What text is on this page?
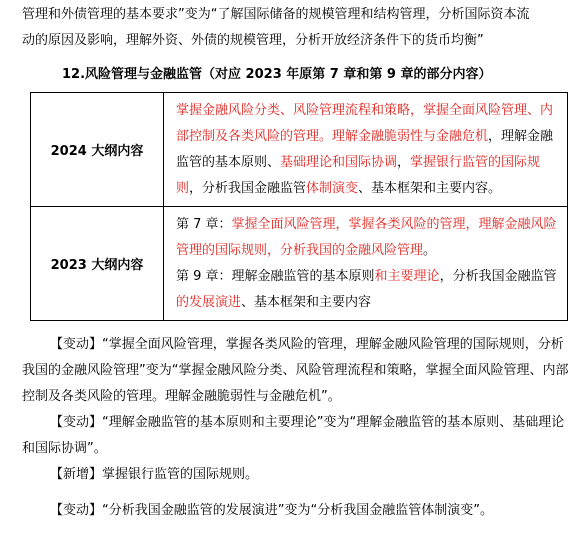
管理和外债管理的基本要求”变为“了解国际储备的规模管理和结构管理，分析国际资本流
动的原因及影响，理解外资、外债的规模管理，分析开放经济条件下的货币均衡”

12.风险管理与金融监管（对应 2023 年原第 7 章和第 9 章的部分内容）
2024 大纲内容	掌握金融风险分类、风险管理流程和策略，掌握全面风险管理、内部控制及各类风险的管理。理解金融脆弱性与金融危机，理解金融监管的基本原则、基础理论和国际协调，掌握银行监管的国际规则，分析我国金融监管体制演变、基本框架和主要内容。
2023 大纲内容	第 7 章：掌握全面风险管理，掌握各类风险的管理，理解金融风险管理的国际规则，分析我国的金融风险管理。
第 9 章：理解金融监管的基本原则和主要理论，分析我国金融监管的发展演进、基本框架和主要内容

【变动】“掌握全面风险管理，掌握各类风险的管理，理解金融风险管理的国际规则，分析我国的金融风险管理”变为“掌握金融风险分类、风险管理流程和策略，掌握全面风险管理、内部控制及各类风险的管理。理解金融脆弱性与金融危机”。

【变动】“理解金融监管的基本原则和主要理论”变为“理解金融监管的基本原则、基础理论和国际协调”。

【新增】掌握银行监管的国际规则。

【变动】“分析我国金融监管的发展演进”变为“分析我国金融监管体制演变”。
